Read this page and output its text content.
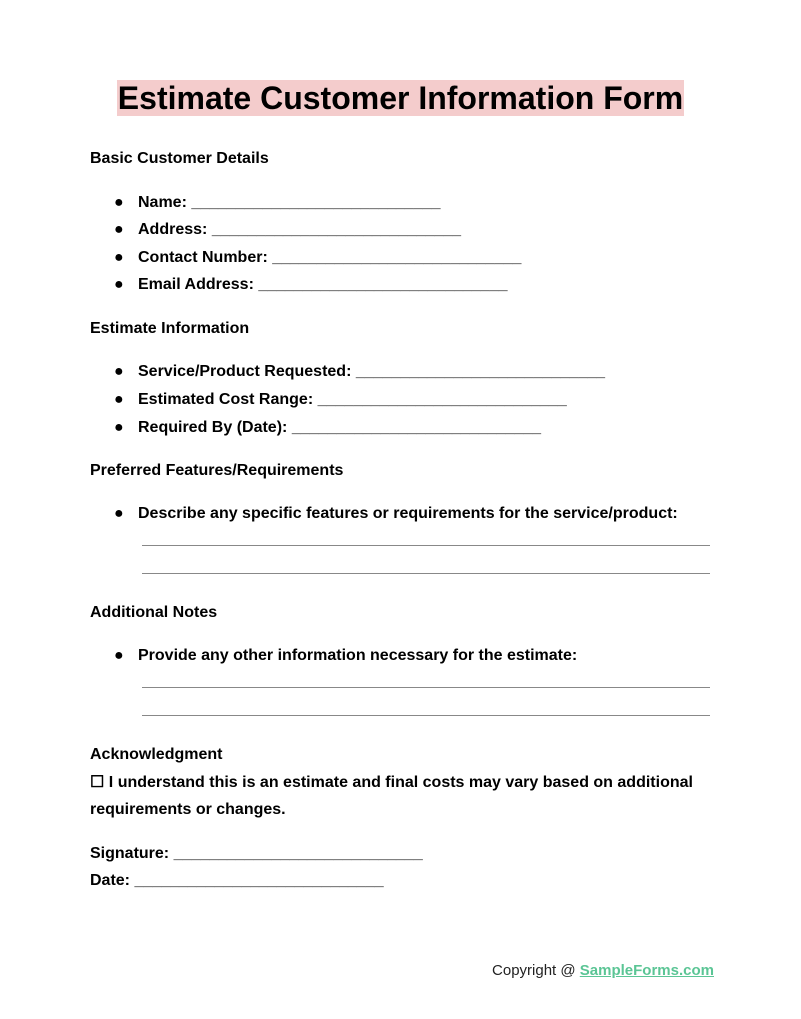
Estimate Customer Information Form
Basic Customer Details
● Name: ____________________________
● Address: ____________________________
● Contact Number: ____________________________
● Email Address: ____________________________
Estimate Information
● Service/Product Requested: ____________________________
● Estimated Cost Range: ____________________________
● Required By (Date): ____________________________
Preferred Features/Requirements
● Describe any specific features or requirements for the service/product:
Additional Notes
● Provide any other information necessary for the estimate:
Acknowledgment
☐ I understand this is an estimate and final costs may vary based on additional requirements or changes.
Signature: ____________________________
Date: ____________________________
Copyright @ SampleForms.com
